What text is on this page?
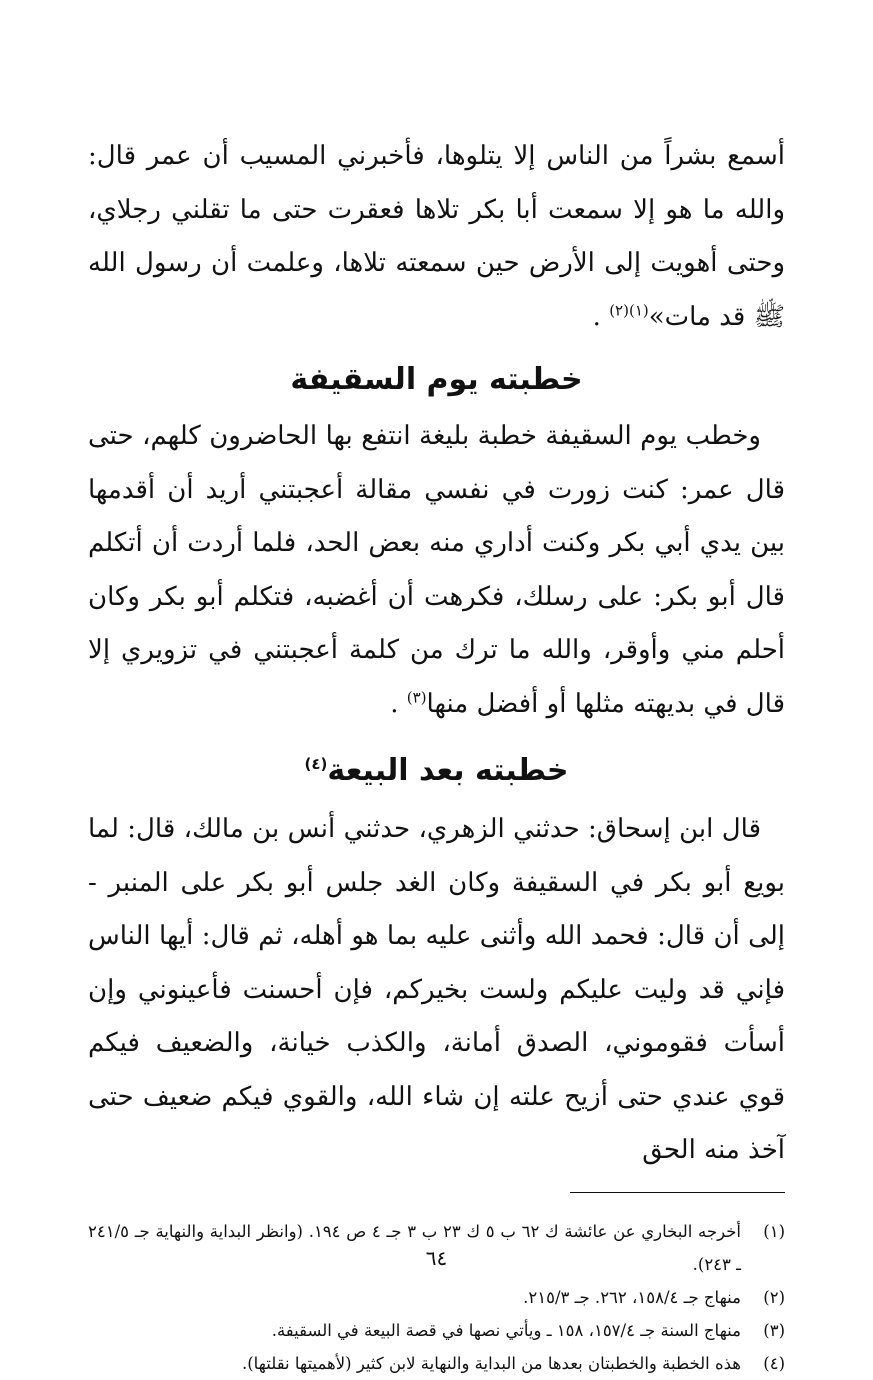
أسمع بشراً من الناس إلا يتلوها، فأخبرني المسيب أن عمر قال: والله ما هو إلا سمعت أبا بكر تلاها فعقرت حتى ما تقلني رجلاي، وحتى أهويت إلى الأرض حين سمعته تلاها، وعلمت أن رسول الله ﷺ قد مات»$^{(١)(٢)}$ .

خطبته يوم السقيفة

وخطب يوم السقيفة خطبة بليغة انتفع بها الحاضرون كلهم، حتى قال عمر: كنت زورت في نفسي مقالة أعجبتني أريد أن أقدمها بين يدي أبي بكر وكنت أداري منه بعض الحد، فلما أردت أن أتكلم قال أبو بكر: على رسلك، فكرهت أن أغضبه، فتكلم أبو بكر وكان أحلم مني وأوقر، والله ما ترك من كلمة أعجبتني في تزويري إلا قال في بديهته مثلها أو أفضل منها$^{(٣)}$ .

خطبته بعد البيعة$^{(٤)}$

قال ابن إسحاق: حدثني الزهري، حدثني أنس بن مالك، قال: لما بويع أبو بكر في السقيفة وكان الغد جلس أبو بكر على المنبر - إلى أن قال: فحمد الله وأثنى عليه بما هو أهله، ثم قال: أيها الناس فإني قد وليت عليكم ولست بخيركم، فإن أحسنت فأعينوني وإن أسأت فقوموني، الصدق أمانة، والكذب خيانة، والضعيف فيكم قوي عندي حتى أزيح علته إن شاء الله، والقوي فيكم ضعيف حتى آخذ منه الحق

(١)
أخرجه البخاري عن عائشة ك ٦٢ ب ٥ ك ٢٣ ب ٣ جـ ٤ ص ١٩٤. (وانظر البداية والنهاية جـ ٢٤١/٥ ـ ٢٤٣).
(٢)
منهاج جـ ١٥٨/٤، ٢٦٢. جـ ٢١٥/٣.
(٣)
منهاج السنة جـ ١٥٧/٤، ١٥٨ ـ ويأتي نصها في قصة البيعة في السقيفة.
(٤)
هذه الخطبة والخطبتان بعدها من البداية والنهاية لابن كثير (لأهميتها نقلتها).
٦٤
